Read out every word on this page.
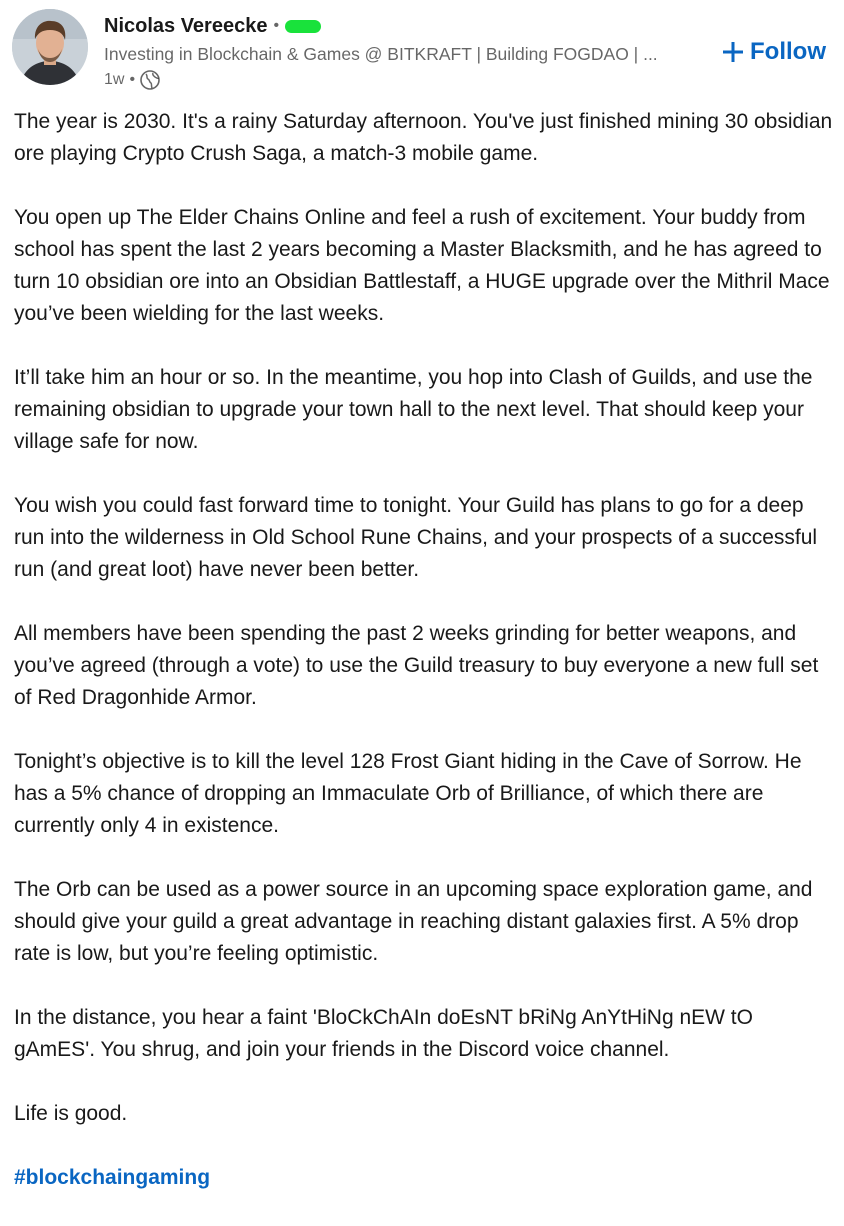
Nicolas Vereecke •
Investing in Blockchain & Games @ BITKRAFT | Building FOGDAO | ...
1w •
Follow

The year is 2030. It's a rainy Saturday afternoon. You've just finished mining 30 obsidian ore playing Crypto Crush Saga, a match-3 mobile game.

You open up The Elder Chains Online and feel a rush of excitement. Your buddy from school has spent the last 2 years becoming a Master Blacksmith, and he has agreed to turn 10 obsidian ore into an Obsidian Battlestaff, a HUGE upgrade over the Mithril Mace you’ve been wielding for the last weeks.

It’ll take him an hour or so. In the meantime, you hop into Clash of Guilds, and use the remaining obsidian to upgrade your town hall to the next level. That should keep your village safe for now.

You wish you could fast forward time to tonight. Your Guild has plans to go for a deep run into the wilderness in Old School Rune Chains, and your prospects of a successful run (and great loot) have never been better.

All members have been spending the past 2 weeks grinding for better weapons, and you’ve agreed (through a vote) to use the Guild treasury to buy everyone a new full set of Red Dragonhide Armor.

Tonight’s objective is to kill the level 128 Frost Giant hiding in the Cave of Sorrow. He has a 5% chance of dropping an Immaculate Orb of Brilliance, of which there are currently only 4 in existence.

The Orb can be used as a power source in an upcoming space exploration game, and should give your guild a great advantage in reaching distant galaxies first. A 5% drop rate is low, but you’re feeling optimistic.

In the distance, you hear a faint 'BloCkChAIn doEsNT bRiNg AnYtHiNg nEW tO gAmES'. You shrug, and join your friends in the Discord voice channel.

Life is good.

#blockchaingaming
